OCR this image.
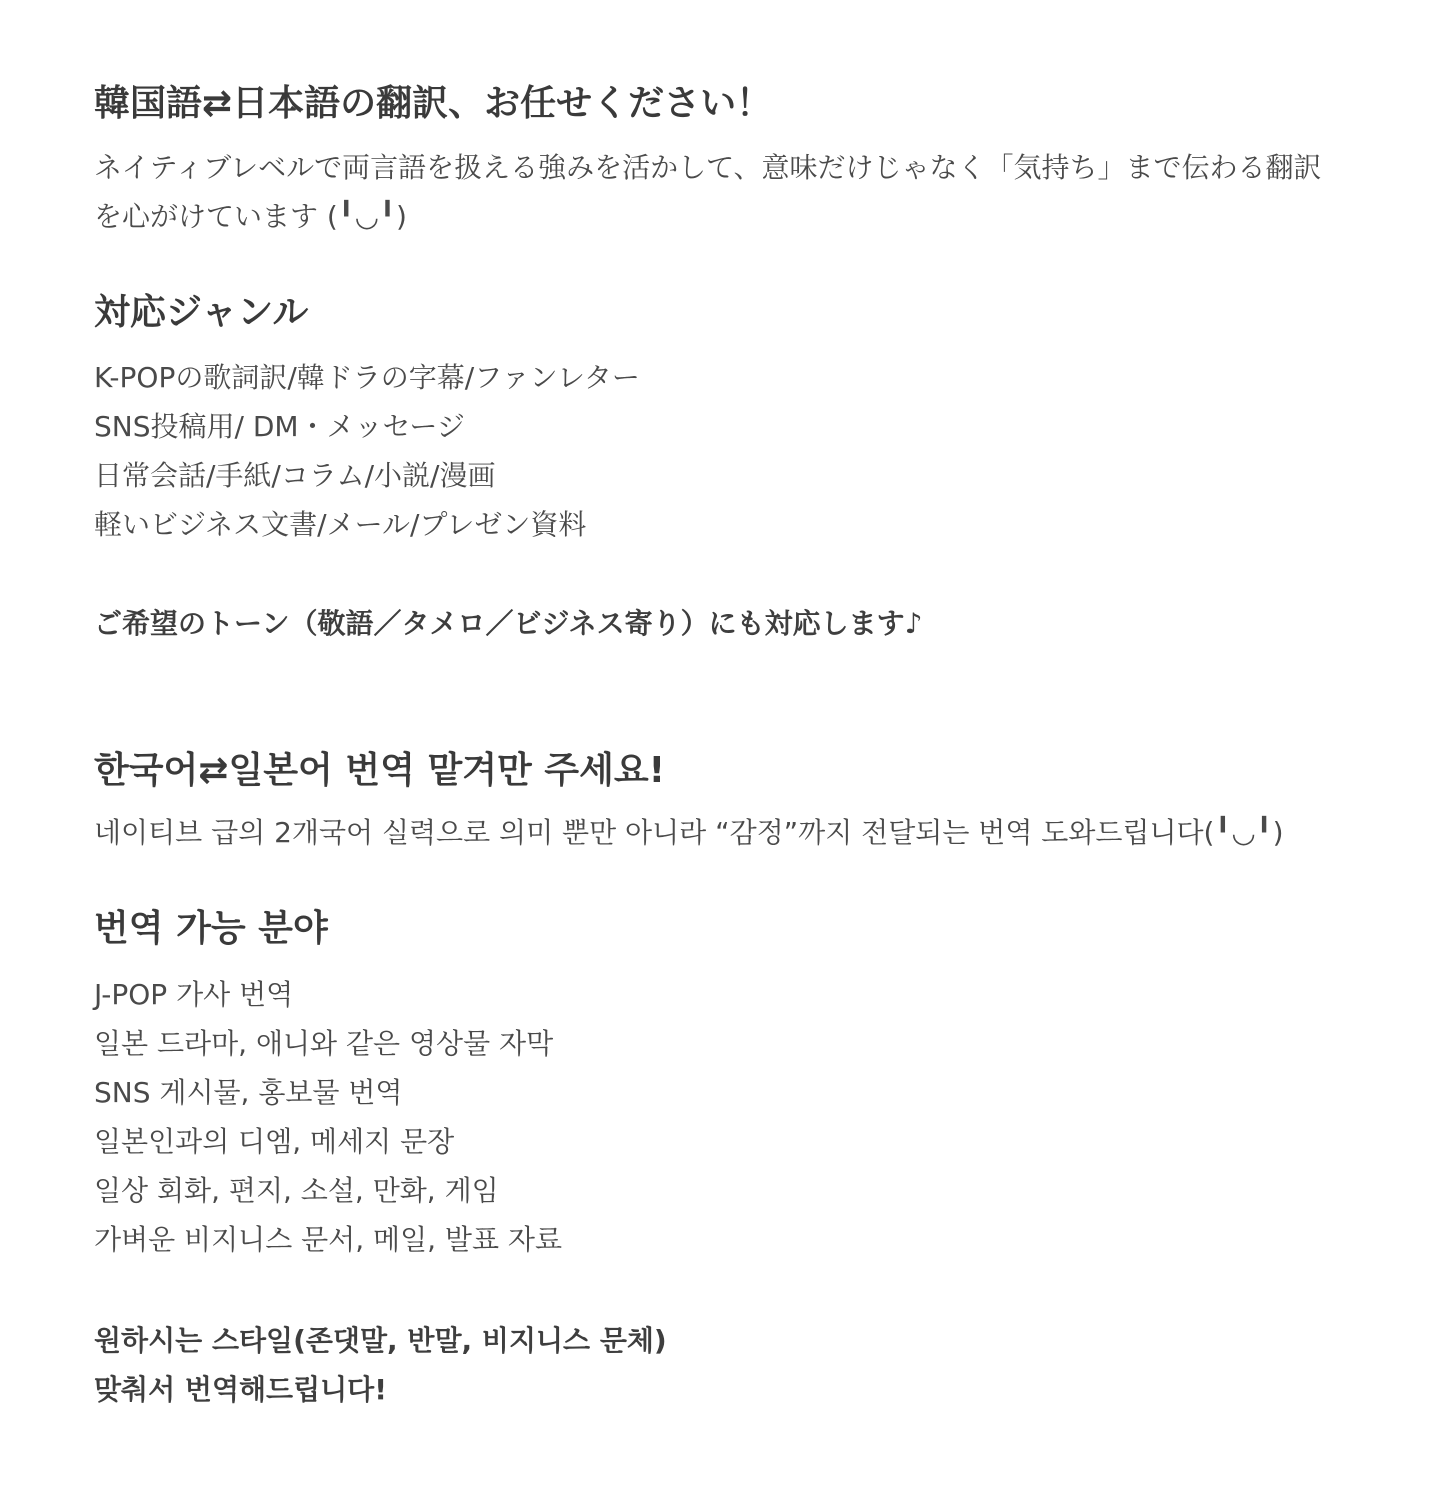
韓国語⇄日本語の翻訳、お任せください！

ネイティブレベルで両言語を扱える強みを活かして、意味だけじゃなく「気持ち」まで伝わる翻訳を心がけています (╹◡╹)

対応ジャンル
K-POPの歌詞訳/韓ドラの字幕/ファンレター
SNS投稿用/ DM・メッセージ
日常会話/手紙/コラム/小説/漫画
軽いビジネス文書/メール/プレゼン資料

ご希望のトーン（敬語／タメロ／ビジネス寄り）にも対応します♪

한국어⇄일본어 번역 맡겨만 주세요!

네이티브 급의 2개국어 실력으로 의미 뿐만 아니라 “감정”까지 전달되는 번역 도와드립니다(╹◡╹)

번역 가능 분야
J-POP 가사 번역
일본 드라마, 애니와 같은 영상물 자막
SNS 게시물, 홍보물 번역
일본인과의 디엠, 메세지 문장
일상 회화, 편지, 소설, 만화, 게임
가벼운 비지니스 문서, 메일, 발표 자료
원하시는 스타일(존댓말, 반말, 비지니스 문체)
맞춰서 번역해드립니다!
